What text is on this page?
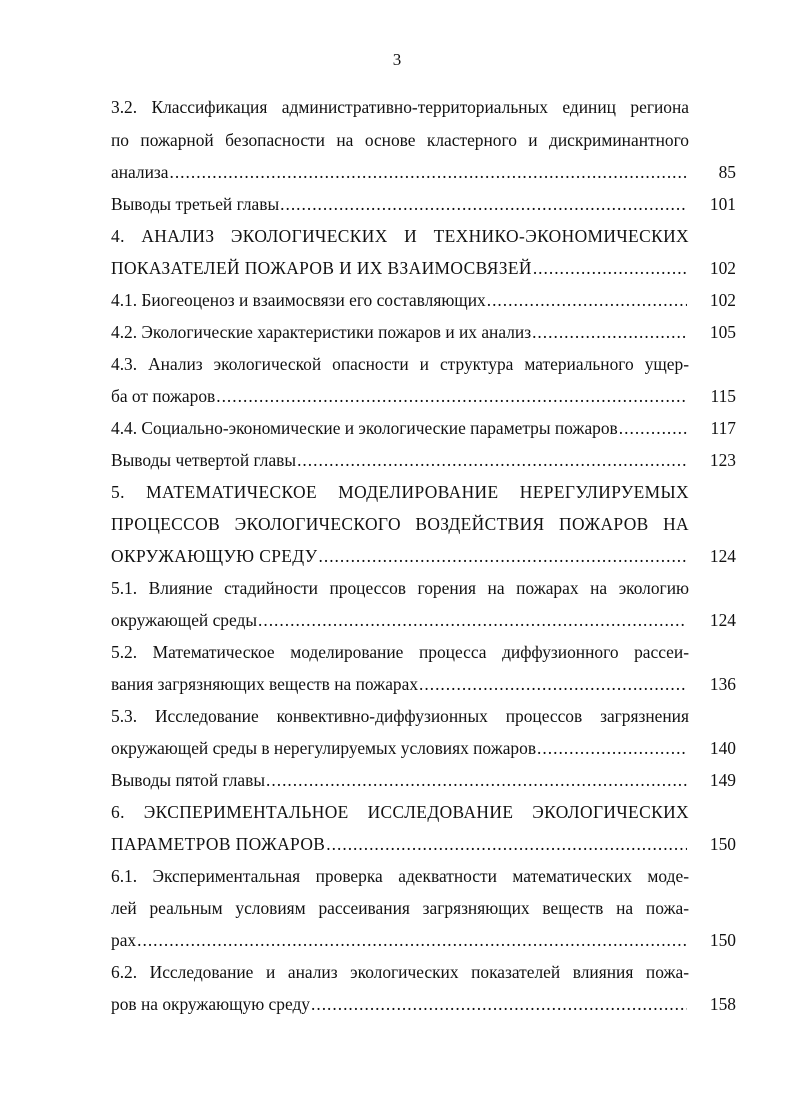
3
3.2. Классификация административно-территориальных единиц региона
по пожарной безопасности на основе кластерного и дискриминантного
анализа .....	85
Выводы третьей главы .....	101
4. АНАЛИЗ ЭКОЛОГИЧЕСКИХ И ТЕХНИКО-ЭКОНОМИЧЕСКИХ
ПОКАЗАТЕЛЕЙ ПОЖАРОВ И ИХ ВЗАИМОСВЯЗЕЙ .....	102
4.1. Биогеоценоз и взаимосвязи его составляющих .....	102
4.2. Экологические характеристики пожаров и их анализ .....	105
4.3. Анализ экологической опасности и структура материального ущер-
ба от пожаров .....	115
4.4. Социально-экономические и экологические параметры пожаров .....	117
Выводы четвертой главы .....	123
5. МАТЕМАТИЧЕСКОЕ МОДЕЛИРОВАНИЕ НЕРЕГУЛИРУЕМЫХ
ПРОЦЕССОВ ЭКОЛОГИЧЕСКОГО ВОЗДЕЙСТВИЯ ПОЖАРОВ НА
ОКРУЖАЮЩУЮ СРЕДУ .....	124
5.1. Влияние стадийности процессов горения на пожарах на экологию
окружающей среды .....	124
5.2. Математическое моделирование процесса диффузионного рассеи-
вания загрязняющих веществ на пожарах .....	136
5.3. Исследование конвективно-диффузионных процессов загрязнения
окружающей среды в нерегулируемых условиях пожаров .....	140
Выводы пятой главы .....	149
6. ЭКСПЕРИМЕНТАЛЬНОЕ ИССЛЕДОВАНИЕ ЭКОЛОГИЧЕСКИХ
ПАРАМЕТРОВ ПОЖАРОВ .....	150
6.1. Экспериментальная проверка адекватности математических моде-
лей реальным условиям рассеивания загрязняющих веществ на пожа-
рах .....	150
6.2. Исследование и анализ экологических показателей влияния пожа-
ров на окружающую среду .....	158
